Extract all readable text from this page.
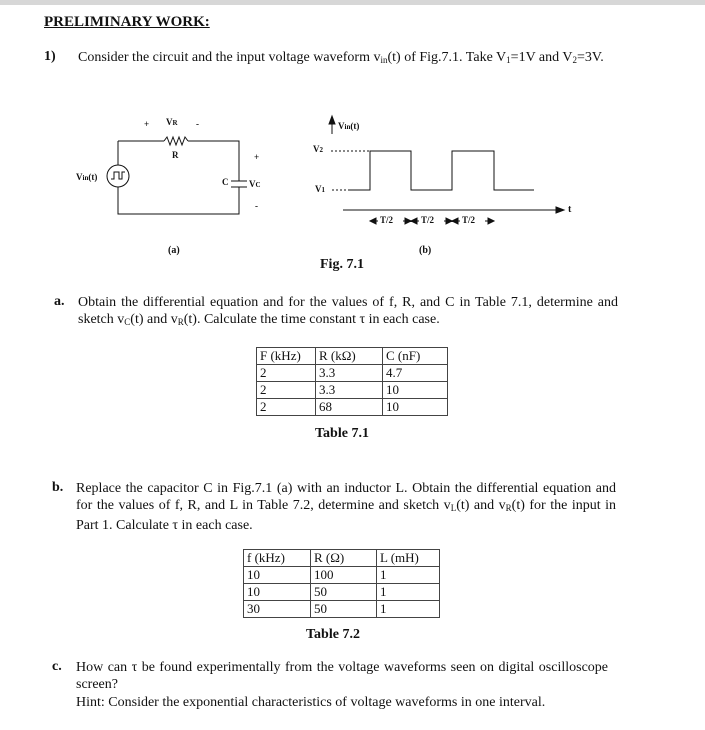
PRELIMINARY WORK:
1) Consider the circuit and the input voltage waveform $v_{in}(t)$ of Fig.7.1. Take $V_1=1V$ and $V_2=3V$.
+ VR -
R
Vin(t)	C
+
VC
-
(a)
Vin(t)
V2
V1
t
T/2	T/2	T/2
(b)
Fig. 7.1
a. Obtain the differential equation and for the values of f, R, and C in Table 7.1, determine and sketch $v_C(t)$ and $v_R(t)$. Calculate the time constant τ in each case.
F (kHz)	R (kΩ)	C (nF)
2	3.3	4.7
2	3.3	10
2	68	10
Table 7.1
b. Replace the capacitor C in Fig.7.1 (a) with an inductor L. Obtain the differential equation and for the values of f, R, and L in Table 7.2, determine and sketch $v_L(t)$ and $v_R(t)$ for the input in Part 1. Calculate τ in each case.
f (kHz)	R (Ω)	L (mH)
10	100	1
10	50	1
30	50	1
Table 7.2
c. How can τ be found experimentally from the voltage waveforms seen on digital oscilloscope screen?
Hint: Consider the exponential characteristics of voltage waveforms in one interval.
